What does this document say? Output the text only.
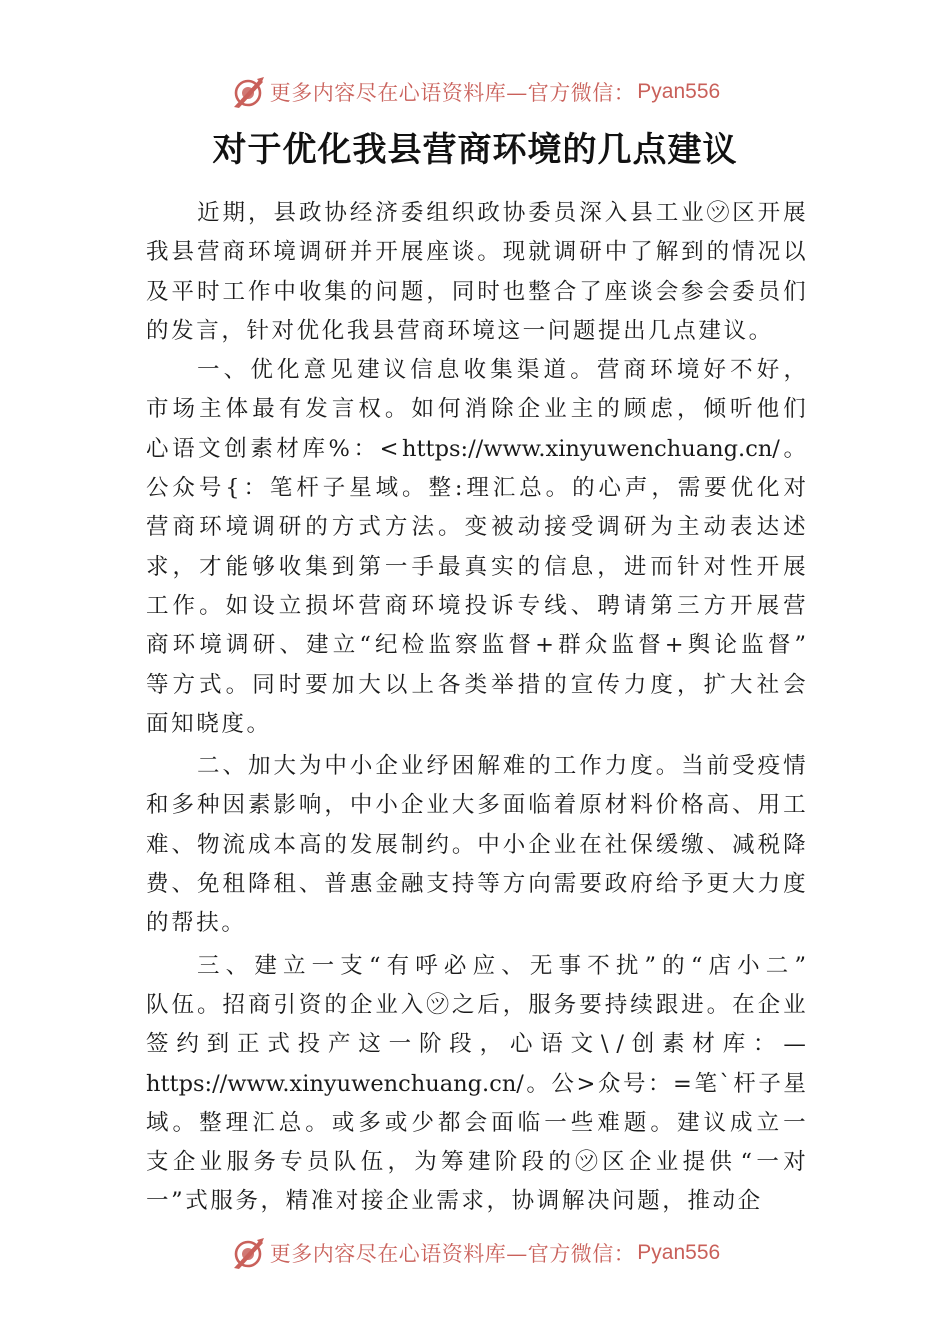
更多内容尽在心语资料库—官方微信： Pyan556
对于优化我县营商环境的几点建议
近 期 ， 县 政 协 经 济 委 组 织 政 协 委 员 深 入 县 工 业 ㋡ 区 开 展
我 县 营 商 环 境 调 研 并 开 展 座 谈 。 现 就 调 研 中 了 解 到 的 情 况 以
及 平 时 工 作 中 收 集 的 问 题 ， 同 时 也 整 合 了 座 谈 会 参 会 委 员 们
的 发 言 ， 针 对 优 化 我 县 营 商 环 境 这 一 问 题 提 出 几 点 建 议 。
一 、 优 化 意 见 建 议 信 息 收 集 渠 道 。 营 商 环 境 好 不 好 ，
市 场 主 体 最 有 发 言 权 。 如 何 消 除 企 业 主 的 顾 虑 ， 倾 听 他 们
心 语 文 创 素 材 库 % ： < https://www.xinyuwenchuang.cn/ 。
公 众 号 { ： 笔 杆 子 星 域 。 整 : 理 汇 总 。 的 心 声 ， 需 要 优 化 对
营 商 环 境 调 研 的 方 式 方 法 。 变 被 动 接 受 调 研 为 主 动 表 达 述
求 ， 才 能 够 收 集 到 第 一 手 最 真 实 的 信 息 ， 进 而 针 对 性 开 展
工 作 。 如 设 立 损 坏 营 商 环 境 投 诉 专 线 、 聘 请 第 三 方 开 展 营
商 环 境 调 研 、 建 立 “ 纪 检 监 察 监 督 + 群 众 监 督 + 舆 论 监 督 ”
等 方 式 。 同 时 要 加 大 以 上 各 类 举 措 的 宣 传 力 度 ， 扩 大 社 会
面 知 晓 度 。
二 、 加 大 为 中 小 企 业 纾 困 解 难 的 工 作 力 度 。 当 前 受 疫 情
和 多 种 因 素 影 响 ， 中 小 企 业 大 多 面 临 着 原 材 料 价 格 高 、 用 工
难 、 物 流 成 本 高 的 发 展 制 约 。 中 小 企 业 在 社 保 缓 缴 、 减 税 降
费 、 免 租 降 租 、 普 惠 金 融 支 持 等 方 向 需 要 政 府 给 予 更 大 力 度
的 帮 扶 。
三 、 建 立 一 支 “ 有 呼 必 应 、 无 事 不 扰 ” 的 “ 店 小 二 ”
队 伍 。 招 商 引 资 的 企 业 入 ㋡ 之 后 ， 服 务 要 持 续 跟 进 。 在 企 业
签 约 到 正 式 投 产 这 一 阶 段 ， 心 语 文 \ / 创 素 材 库 ： —
https://www.xinyuwenchuang.cn/ 。 公 > 众 号 ： = 笔 ` 杆 子 星
域 。 整 理 汇 总 。 或 多 或 少 都 会 面 临 一 些 难 题 。 建 议 成 立 一
支 企 业 服 务 专 员 队 伍 ， 为 筹 建 阶 段 的 ㋡ 区 企 业 提 供 “ 一 对
一 ” 式 服 务 ， 精 准 对 接 企 业 需 求 ， 协 调 解 决 问 题 ， 推 动 企
更多内容尽在心语资料库—官方微信： Pyan556
